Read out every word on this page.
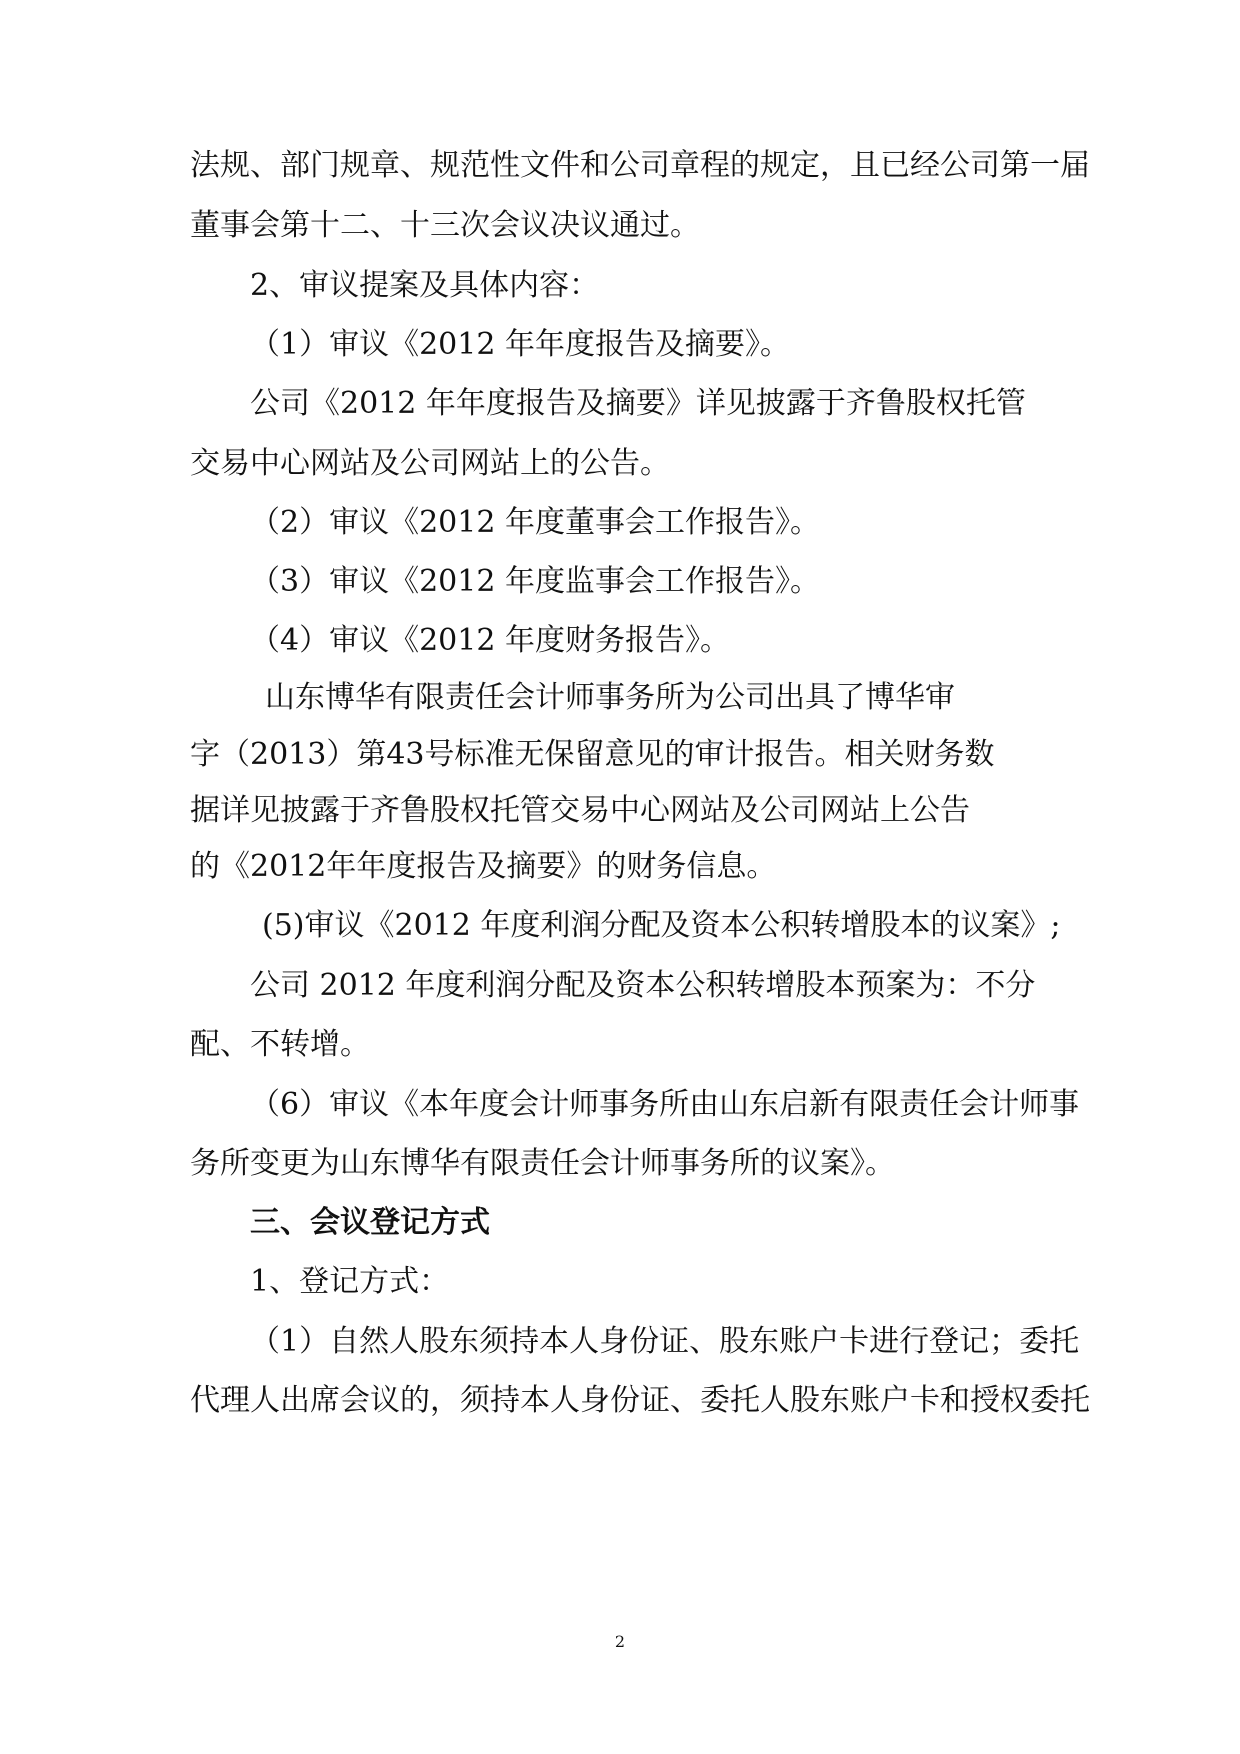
法规、部门规章、规范性文件和公司章程的规定，且已经公司第一届
董事会第十二、十三次会议决议通过。
2、审议提案及具体内容：
（1）审议《2012 年年度报告及摘要》。
公司《2012 年年度报告及摘要》详见披露于齐鲁股权托管
交易中心网站及公司网站上的公告。
（2）审议《2012 年度董事会工作报告》。
（3）审议《2012 年度监事会工作报告》。
（4）审议《2012 年度财务报告》。
山东博华有限责任会计师事务所为公司出具了博华审
字（2013）第43号标准无保留意见的审计报告。相关财务数
据详见披露于齐鲁股权托管交易中心网站及公司网站上公告
的《2012年年度报告及摘要》的财务信息。
(5)审议《2012 年度利润分配及资本公积转增股本的议案》;
公司 2012 年度利润分配及资本公积转增股本预案为：不分
配、不转增。
（6）审议《本年度会计师事务所由山东启新有限责任会计师事
务所变更为山东博华有限责任会计师事务所的议案》。
三、会议登记方式
1、登记方式：
（1）自然人股东须持本人身份证、股东账户卡进行登记；委托
代理人出席会议的，须持本人身份证、委托人股东账户卡和授权委托
2
